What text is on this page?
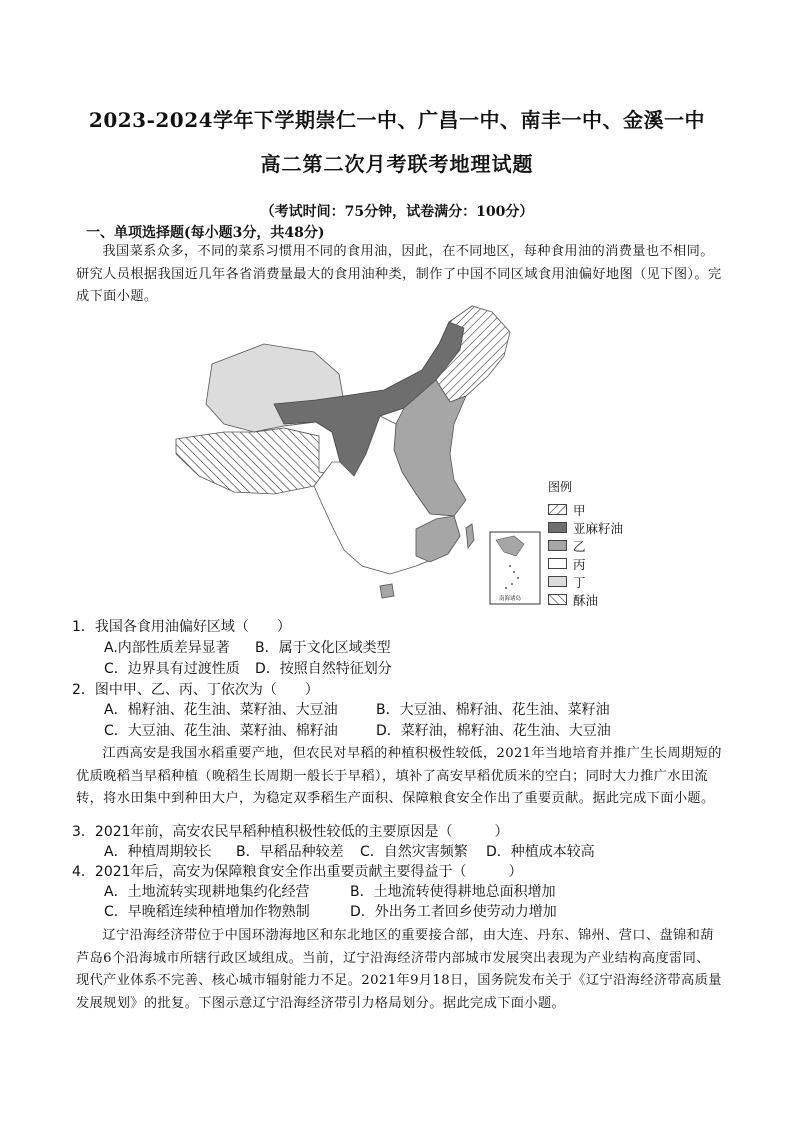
2023-2024学年下学期崇仁一中、广昌一中、南丰一中、金溪一中
高二第二次月考联考地理试题
（考试时间：75分钟，试卷满分：100分）
一、单项选择题(每小题3分，共48分)
我国菜系众多，不同的菜系习惯用不同的食用油，因此，在不同地区，每种食用油的消费量也不相同。研究人员根据我国近几年各省消费量最大的食用油种类，制作了中国不同区域食用油偏好地图（见下图）。完成下面小题。
南海诸岛
图例
甲
亚麻籽油
乙
丙
丁
酥油
1．我国各食用油偏好区域（　　）
A.内部性质差异显著 B．属于文化区域类型
C．边界具有过渡性质 D．按照自然特征划分
2．图中甲、乙、丙、丁依次为（　　）
A．棉籽油、花生油、菜籽油、大豆油	B．大豆油、棉籽油、花生油、菜籽油
C．大豆油、花生油、菜籽油、棉籽油	D．菜籽油，棉籽油、花生油、大豆油
江西高安是我国水稻重要产地，但农民对早稻的种植积极性较低，2021年当地培育并推广生长周期短的优质晚稻当早稻种植（晚稻生长周期一般长于早稻），填补了高安早稻优质米的空白；同时大力推广水田流转，将水田集中到种田大户，为稳定双季稻生产面积、保障粮食安全作出了重要贡献。据此完成下面小题。
3．2021年前，高安农民早稻种植积极性较低的主要原因是（　　　）
A．种植周期较长 B．早稻品种较差 C．自然灾害频繁 D．种植成本较高
4．2021年后，高安为保障粮食安全作出重要贡献主要得益于（　　　）
A．土地流转实现耕地集约化经营	B．土地流转使得耕地总面积增加
C．早晚稻连续种植增加作物熟制	D．外出务工者回乡使劳动力增加
辽宁沿海经济带位于中国环渤海地区和东北地区的重要接合部，由大连、丹东、锦州、营口、盘锦和葫芦岛6个沿海城市所辖行政区域组成。当前，辽宁沿海经济带内部城市发展突出表现为产业结构高度雷同、现代产业体系不完善、核心城市辐射能力不足。2021年9月18日，国务院发布关于《辽宁沿海经济带高质量发展规划》的批复。下图示意辽宁沿海经济带引力格局划分。据此完成下面小题。
